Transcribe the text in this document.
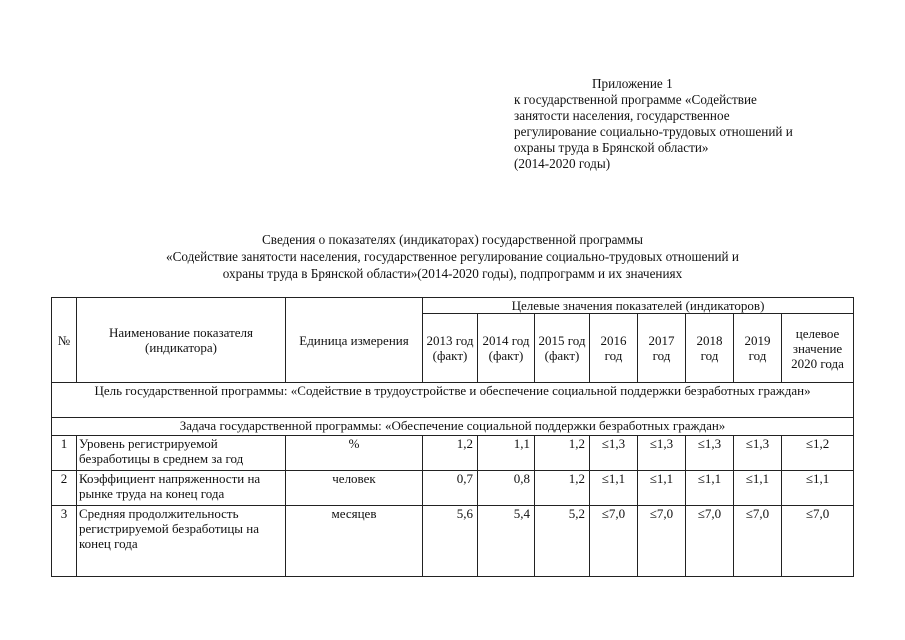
Приложение 1
к государственной программе «Содействие
занятости населения, государственное
регулирование социально-трудовых отношений и
охраны труда в Брянской области»
(2014-2020 годы)
Сведения о показателях (индикаторах) государственной программы
«Содействие занятости населения, государственное регулирование социально-трудовых отношений и
охраны труда в Брянской области»(2014-2020 годы), подпрограмм и их значениях
№	Наименование показателя (индикатора)	Единица измерения	Целевые значения показателей (индикаторов)							
			2013 год (факт)	2014 год (факт)	2015 год (факт)	2016 год	2017 год	2018 год	2019 год	целевое значение 2020 года
Цель государственной программы: «Содействие в трудоустройстве и обеспечение социальной поддержки безработных граждан»										
Задача государственной программы: «Обеспечение социальной поддержки безработных граждан»										
1	Уровень регистрируемой безработицы в среднем за год	%	1,2	1,1	1,2	≤1,3	≤1,3	≤1,3	≤1,3	≤1,2
2	Коэффициент напряженности на рынке труда на конец года	человек	0,7	0,8	1,2	≤1,1	≤1,1	≤1,1	≤1,1	≤1,1
3	Средняя продолжительность регистрируемой безработицы на конец года	месяцев	5,6	5,4	5,2	≤7,0	≤7,0	≤7,0	≤7,0	≤7,0
